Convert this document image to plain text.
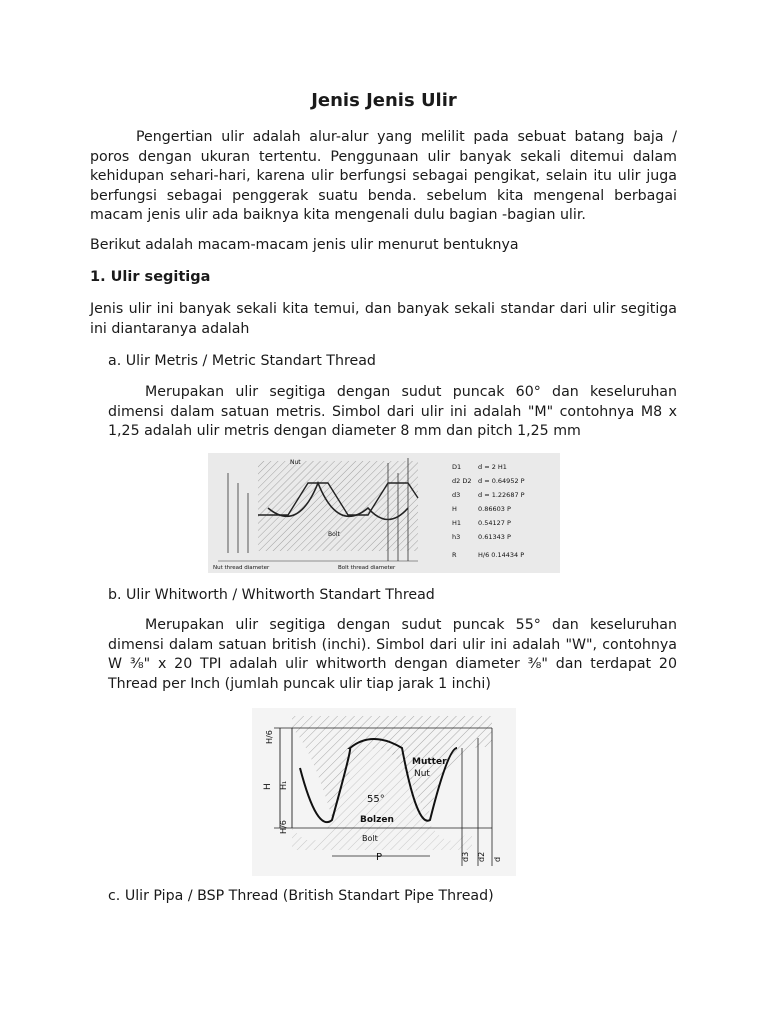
Jenis Jenis Ulir

Pengertian ulir adalah alur-alur yang melilit pada sebuat batang baja / poros dengan ukuran tertentu. Penggunaan ulir banyak sekali ditemui dalam kehidupan sehari-hari, karena ulir berfungsi sebagai pengikat, selain itu ulir juga berfungsi sebagai penggerak suatu benda. sebelum kita mengenal berbagai macam jenis ulir ada baiknya kita mengenali dulu bagian -bagian ulir.

Berikut adalah macam-macam jenis ulir menurut bentuknya

1. Ulir segitiga

Jenis ulir ini banyak sekali kita temui, dan banyak sekali standar dari ulir segitiga ini diantaranya adalah

a. Ulir Metris / Metric Standart Thread

Merupakan ulir segitiga dengan sudut puncak 60° dan keseluruhan dimensi dalam satuan metris. Simbol dari ulir ini adalah "M" contohnya M8 x 1,25 adalah ulir metris dengan diameter 8 mm dan pitch 1,25 mm

Nut
Bolt
Nut thread diameter	Bolt thread diameter
D1	d = 2 H1
d2 D2 d = 0.64952 P
d3	d = 1.22687 P
H	0.86603 P
H1	0.54127 P
h3	0.61343 P
R	H/6 0.14434 P

b. Ulir Whitworth / Whitworth Standart Thread

Merupakan ulir segitiga dengan sudut puncak 55° dan keseluruhan dimensi dalam satuan british (inchi). Simbol dari ulir ini adalah "W", contohnya W ⅜" x 20 TPI adalah ulir whitworth dengan diameter ⅜" dan terdapat 20 Thread per Inch (jumlah puncak ulir tiap jarak 1 inchi)

H/6
H H₁
H/6
Mutter
Nut
55°
Bolzen
Bolt
P	d3 d2 d

c. Ulir Pipa / BSP Thread (British Standart Pipe Thread)
